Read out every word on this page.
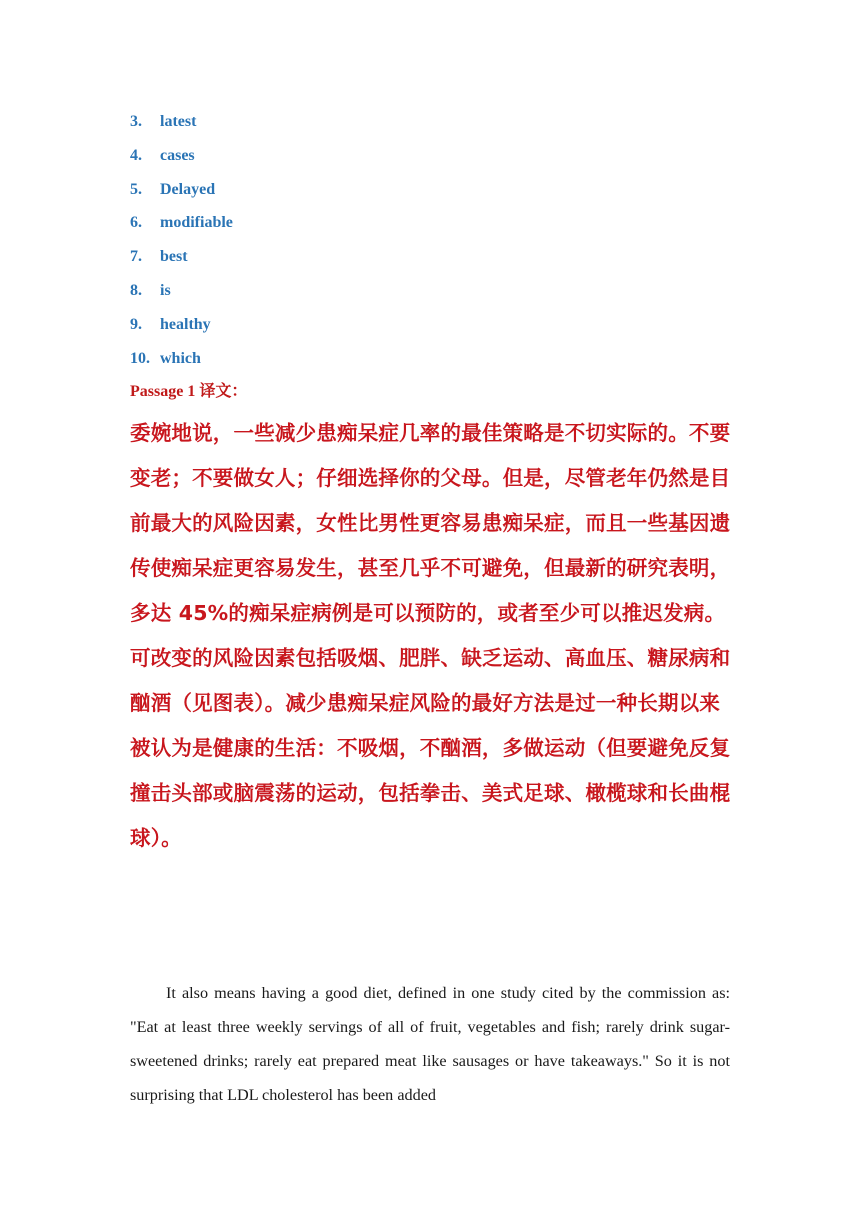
3. latest
4. cases
5. Delayed
6. modifiable
7. best
8. is
9. healthy
10. which
Passage 1 译文：

委婉地说，一些减少患痴呆症几率的最佳策略是不切实际的。不要变老；不要做女人；仔细选择你的父母。但是，尽管老年仍然是目前最大的风险因素，女性比男性更容易患痴呆症，而且一些基因遗传使痴呆症更容易发生，甚至几乎不可避免，但最新的研究表明，多达 45%的痴呆症病例是可以预防的，或者至少可以推迟发病。

可改变的风险因素包括吸烟、肥胖、缺乏运动、高血压、糖尿病和酗酒（见图表）。减少患痴呆症风险的最好方法是过一种长期以来被认为是健康的生活：不吸烟，不酗酒，多做运动（但要避免反复撞击头部或脑震荡的运动，包括拳击、美式足球、橄榄球和长曲棍球）。

It also means having a good diet, defined in one study cited by the commission as: "Eat at least three weekly servings of all of fruit, vegetables and fish; rarely drink sugar-sweetened drinks; rarely eat prepared meat like sausages or have takeaways." So it is not surprising that LDL cholesterol has been added
